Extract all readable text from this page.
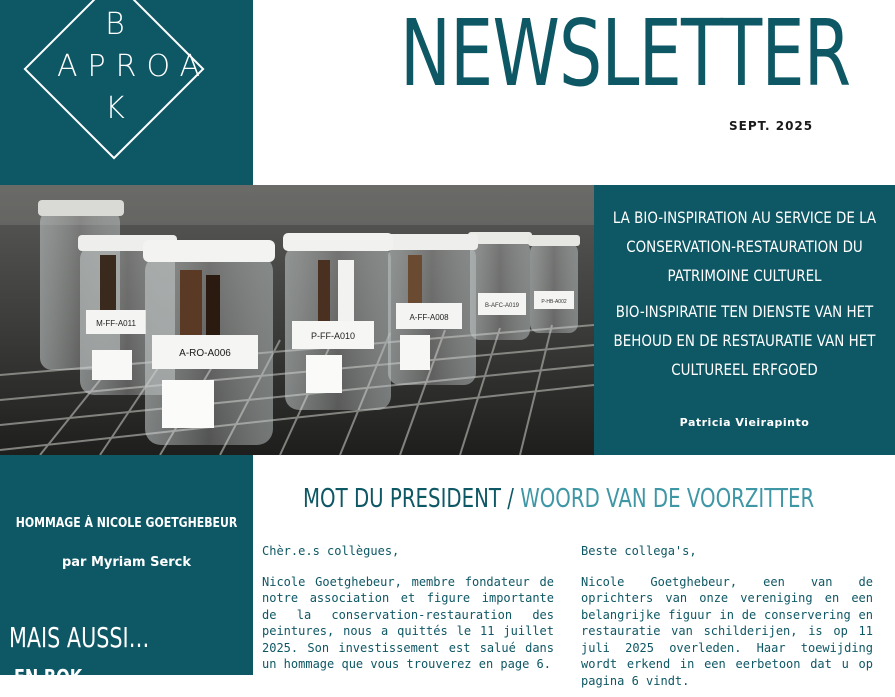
B
APROA
K
NEWSLETTER
SEPT. 2025
B-AFC-A019
P-HB-A002
M-FF-A011
A-FF-A008
P-FF-A010
A-RO-A006
LA BIO-INSPIRATION AU SERVICE DE LA CONSERVATION-RESTAURATION DU PATRIMOINE CULTUREL
BIO-INSPIRATIE TEN DIENSTE VAN HET BEHOUD EN DE RESTAURATIE VAN HET CULTUREEL ERFGOED
Patricia Vieirapinto
HOMMAGE À NICOLE GOETGHEBEUR
par Myriam Serck
MAIS AUSSI…
EN BOK
MOT DU PRESIDENT / WOORD VAN DE VOORZITTER

Chèr.e.s collègues,

Nicole Goetghebeur, membre fondateur de notre association et figure importante de la conservation-restauration des peintures, nous a quittés le 11 juillet 2025. Son investissement est salué dans un hommage que vous trouverez en page 6.

Beste collega's,

Nicole Goetghebeur, een van de oprichters van onze vereniging en een belangrijke figuur in de conservering en restauratie van schilderijen, is op 11 juli 2025 overleden. Haar toewijding wordt erkend in een eerbetoon dat u op pagina 6 vindt.
